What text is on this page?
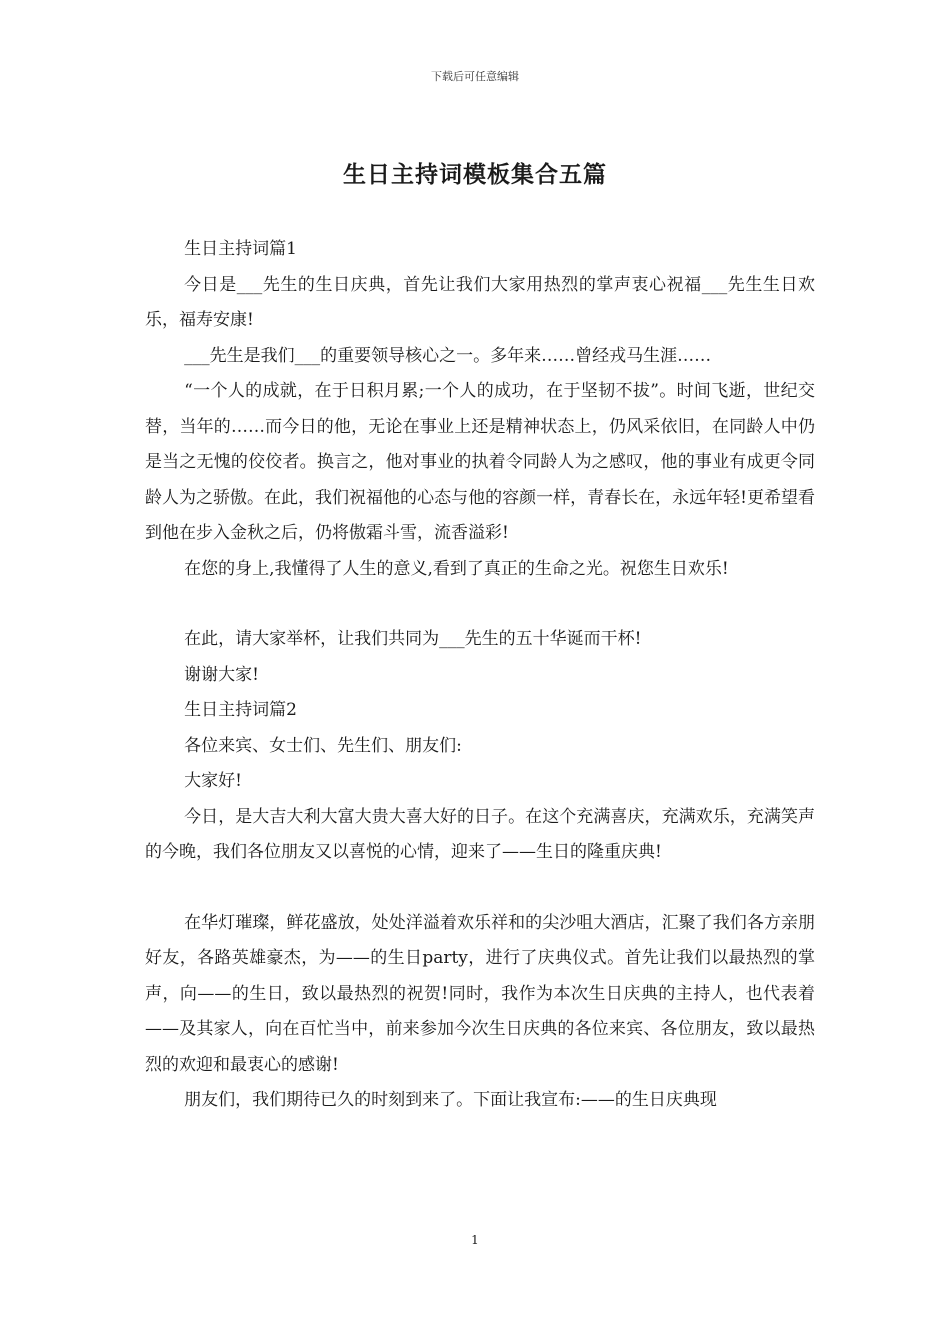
下载后可任意编辑
生日主持词模板集合五篇

生日主持词篇1

今日是___先生的生日庆典，首先让我们大家用热烈的掌声衷心祝福___先生生日欢乐，福寿安康!

___先生是我们___的重要领导核心之一。多年来……曾经戎马生涯……

“一个人的成就，在于日积月累;一个人的成功，在于坚韧不拔”。时间飞逝，世纪交替，当年的……而今日的他，无论在事业上还是精神状态上，仍风采依旧，在同龄人中仍是当之无愧的佼佼者。换言之，他对事业的执着令同龄人为之感叹，他的事业有成更令同龄人为之骄傲。在此，我们祝福他的心态与他的容颜一样，青春长在，永远年轻!更希望看到他在步入金秋之后，仍将傲霜斗雪，流香溢彩!

在您的身上,我懂得了人生的意义,看到了真正的生命之光。祝您生日欢乐!

在此，请大家举杯，让我们共同为___先生的五十华诞而干杯!

谢谢大家!

生日主持词篇2

各位来宾、女士们、先生们、朋友们:

大家好!

今日，是大吉大利大富大贵大喜大好的日子。在这个充满喜庆，充满欢乐，充满笑声的今晚，我们各位朋友又以喜悦的心情，迎来了——生日的隆重庆典!

在华灯璀璨，鲜花盛放，处处洋溢着欢乐祥和的尖沙咀大酒店，汇聚了我们各方亲朋好友，各路英雄豪杰，为——的生日party，进行了庆典仪式。首先让我们以最热烈的掌声，向——的生日，致以最热烈的祝贺!同时，我作为本次生日庆典的主持人，也代表着——及其家人，向在百忙当中，前来参加今次生日庆典的各位来宾、各位朋友，致以最热烈的欢迎和最衷心的感谢!

朋友们，我们期待已久的时刻到来了。下面让我宣布:——的生日庆典现

1
